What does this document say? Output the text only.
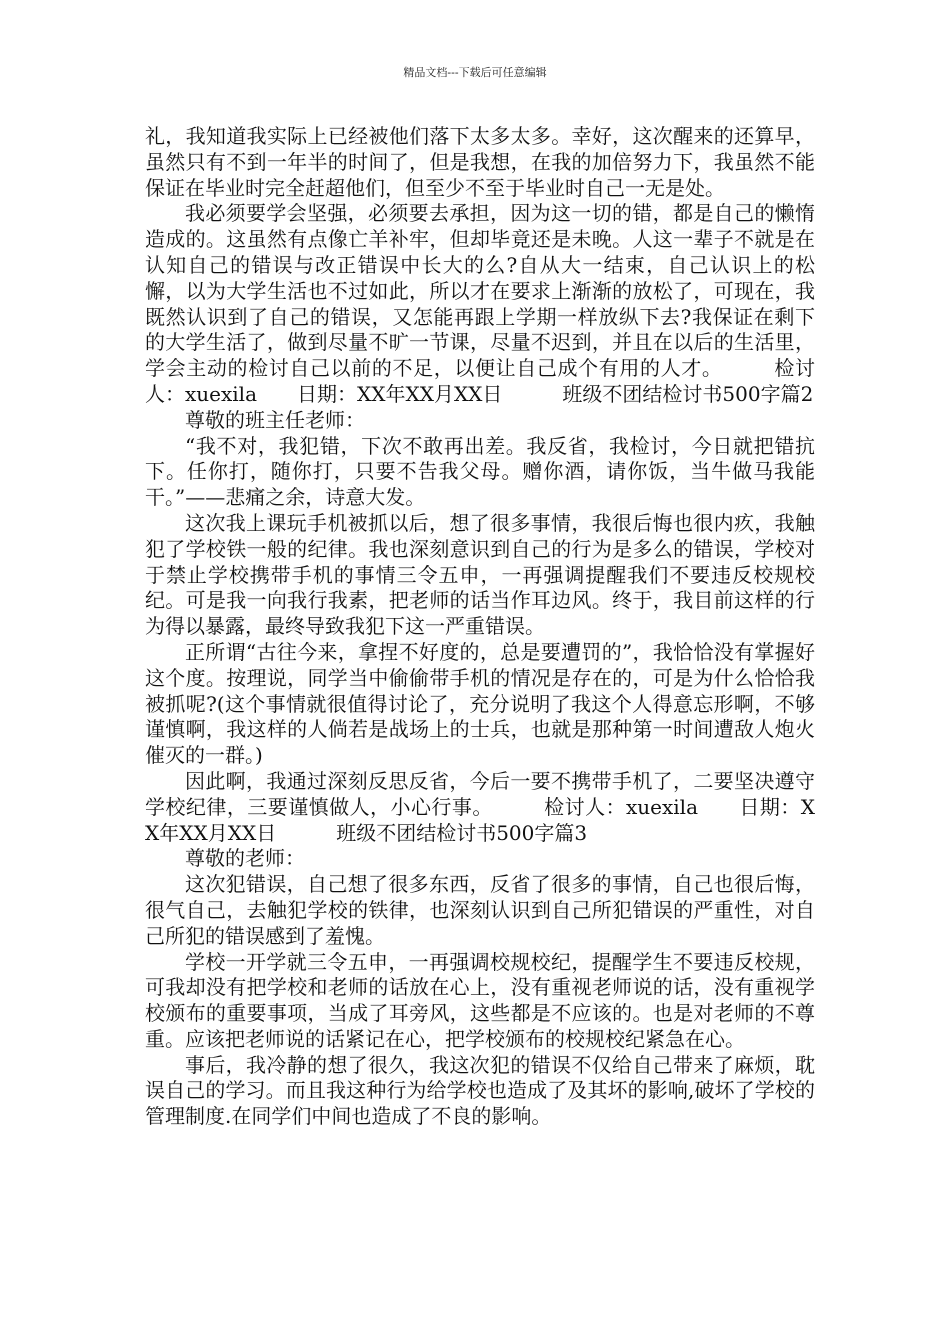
精品文档---下载后可任意编辑

礼，我知道我实际上已经被他们落下太多太多。幸好，这次醒来的还算早，虽然只有不到一年半的时间了，但是我想，在我的加倍努力下，我虽然不能保证在毕业时完全赶超他们，但至少不至于毕业时自己一无是处。

我必须要学会坚强，必须要去承担，因为这一切的错，都是自己的懒惰造成的。这虽然有点像亡羊补牢，但却毕竟还是未晚。人这一辈子不就是在认知自己的错误与改正错误中长大的么?自从大一结束，自己认识上的松懈，以为大学生活也不过如此，所以才在要求上渐渐的放松了，可现在，我既然认识到了自己的错误，又怎能再跟上学期一样放纵下去?我保证在剩下的大学生活了，做到尽量不旷一节课，尽量不迟到，并且在以后的生活里，学会主动的检讨自己以前的不足，以便让自己成个有用的人才。　　　检讨人：xuexila　　日期：XX年XX月XX日　　　班级不团结检讨书500字篇2

尊敬的班主任老师：

“我不对，我犯错，下次不敢再出差。我反省，我检讨，今日就把错抗下。任你打，随你打，只要不告我父母。赠你酒，请你饭，当牛做马我能干。”——悲痛之余，诗意大发。

这次我上课玩手机被抓以后，想了很多事情，我很后悔也很内疚，我触犯了学校铁一般的纪律。我也深刻意识到自己的行为是多么的错误，学校对于禁止学校携带手机的事情三令五申，一再强调提醒我们不要违反校规校纪。可是我一向我行我素，把老师的话当作耳边风。终于，我目前这样的行为得以暴露，最终导致我犯下这一严重错误。

正所谓“古往今来，拿捏不好度的，总是要遭罚的”，我恰恰没有掌握好这个度。按理说，同学当中偷偷带手机的情况是存在的，可是为什么恰恰我被抓呢?(这个事情就很值得讨论了，充分说明了我这个人得意忘形啊，不够谨慎啊，我这样的人倘若是战场上的士兵，也就是那种第一时间遭敌人炮火催灭的一群。)

因此啊，我通过深刻反思反省，今后一要不携带手机了，二要坚决遵守学校纪律，三要谨慎做人，小心行事。　　　检讨人：xuexila　　日期：XX年XX月XX日　　　班级不团结检讨书500字篇3

尊敬的老师：

这次犯错误，自己想了很多东西，反省了很多的事情，自己也很后悔，很气自己，去触犯学校的铁律，也深刻认识到自己所犯错误的严重性，对自己所犯的错误感到了羞愧。

学校一开学就三令五申，一再强调校规校纪，提醒学生不要违反校规，可我却没有把学校和老师的话放在心上，没有重视老师说的话，没有重视学校颁布的重要事项，当成了耳旁风，这些都是不应该的。也是对老师的不尊重。应该把老师说的话紧记在心，把学校颁布的校规校纪紧急在心。

事后，我冷静的想了很久，我这次犯的错误不仅给自己带来了麻烦，耽误自己的学习。而且我这种行为给学校也造成了及其坏的影响,破坏了学校的管理制度.在同学们中间也造成了不良的影响。
